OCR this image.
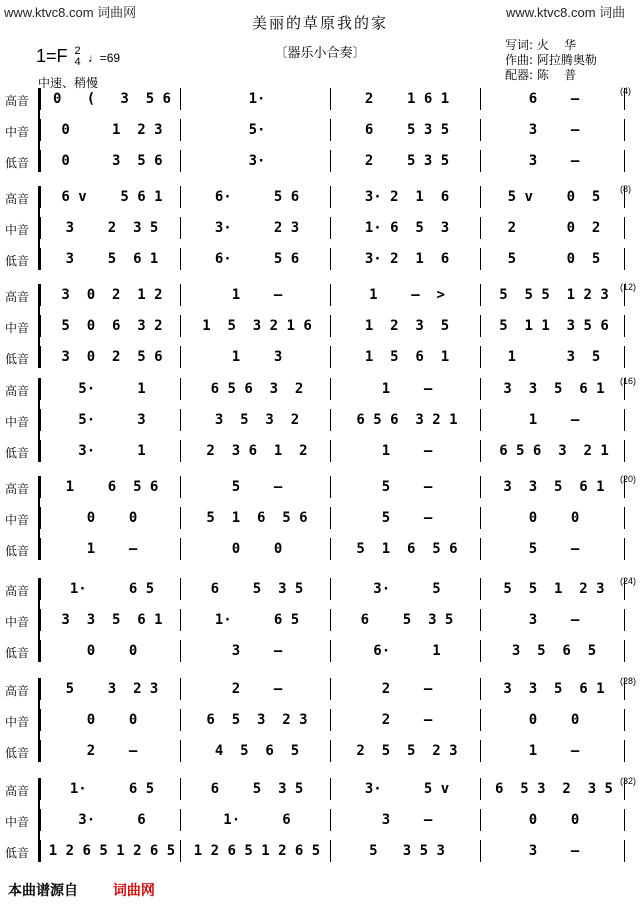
www.ktvc8.com 词曲网	www.ktvc8.com 词曲
美丽的草原我的家
〔器乐小合奏〕
写词: 火    华
作曲: 阿拉腾奥勒
配器: 陈    普
1=F 2
4 ♩=69
中速、稍慢
(4)
高音	0   (   3  5 6	1·	2    1 6 1	6    –
中音	0     1  2 3	5·	6    5 3 5	3    –
低音	0     3  5 6	3·	2    5 3 5	3    –
(8)
高音	6 v    5 6 1	6·     5 6	3· 2  1  6	5 v    0  5
中音	3    2  3 5	3·     2 3	1· 6  5  3	2      0  2
低音	3    5  6 1	6·     5 6	3· 2  1  6	5      0  5
(12)
高音	3  0  2  1 2	1    –	1    –  >	5  5 5  1 2 3
中音	5  0  6  3 2	1  5  3 2 1 6	1  2  3  5	5  1 1  3 5 6
低音	3  0  2  5 6	1    3	1  5  6  1	1      3  5
(16)
高音	5·     1	6 5 6  3  2	1    –	3  3  5  6 1
中音	5·     3	3  5  3  2	6 5 6  3 2 1	1    –
低音	3·     1	2  3 6  1  2	1    –	6 5 6  3  2 1
(20)
高音	1    6  5 6	5    –	5    –	3  3  5  6 1
中音	0    0	5  1  6  5 6	5    –	0    0
低音	1    –	0    0	5  1  6  5 6	5    –
(24)
高音	1·     6 5	6    5  3 5	3·     5	5  5  1  2 3
中音	3  3  5  6 1	1·     6 5	6    5  3 5	3    –
低音	0    0	3    –	6·     1	3  5  6  5
(28)
高音	5    3  2 3	2    –	2    –	3  3  5  6 1
中音	0    0	6  5  3  2 3	2    –	0    0
低音	2    –	4  5  6  5	2  5  5  2 3	1    –
(32)
高音	1·     6 5	6    5  3 5	3·     5 v	6  5 3  2  3 5
中音	3·     6	1·     6	3    –	0    0
低音	1 2 6 5 1 2 6 5	1 2 6 5 1 2 6 5	5   3 5 3	3    –
本曲谱源自 词曲网
